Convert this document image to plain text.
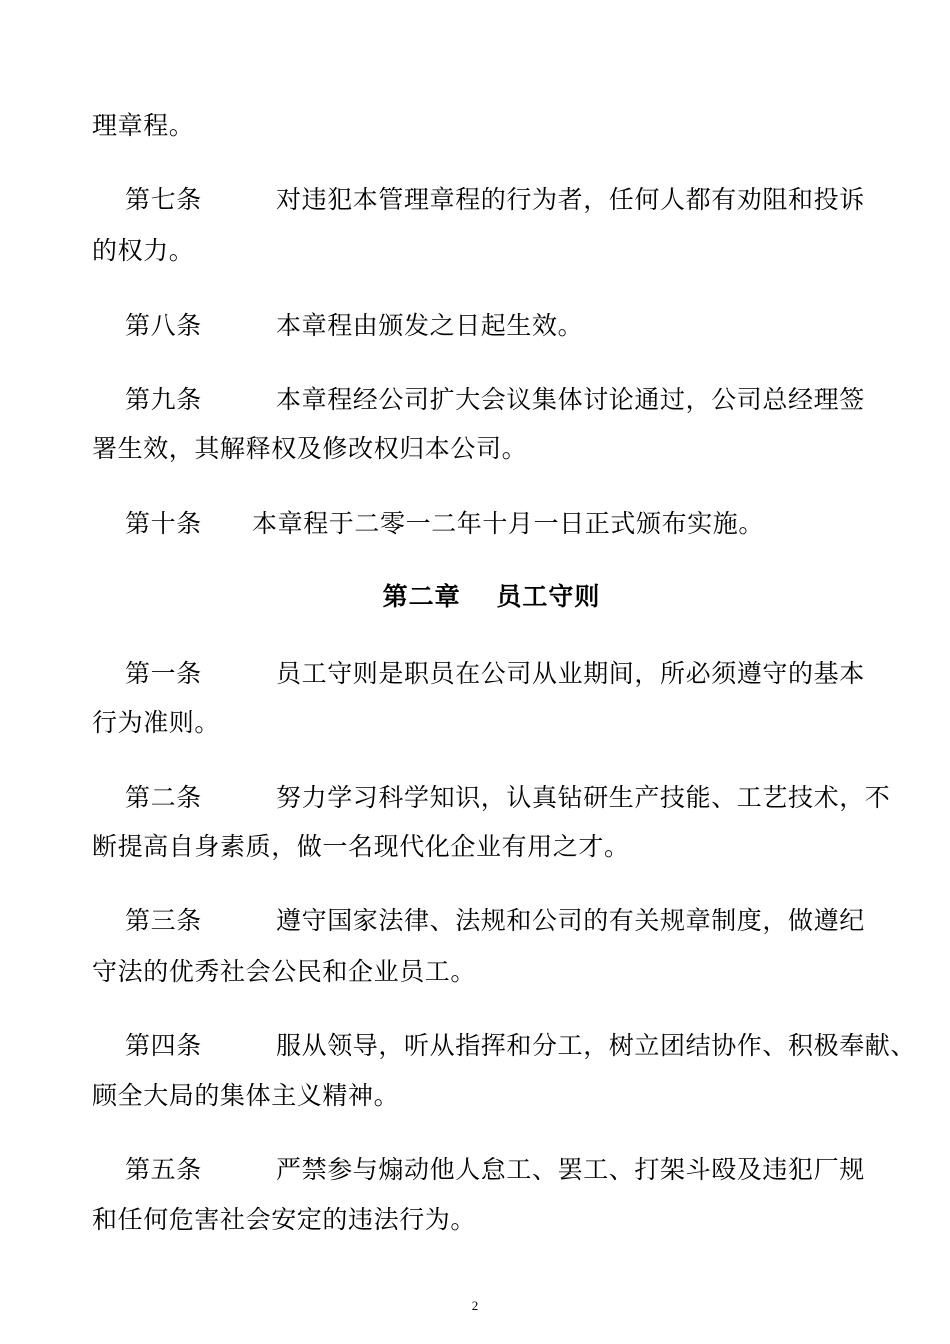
理章程。
第七条	对违犯本管理章程的行为者，任何人都有劝阻和投诉
的权力。
第八条	本章程由颁发之日起生效。
第九条	本章程经公司扩大会议集体讨论通过，公司总经理签
署生效，其解释权及修改权归本公司。
第十条 本章程于二零一二年十月一日正式颁布实施。
第二章　 员工守则
第一条	员工守则是职员在公司从业期间，所必须遵守的基本
行为准则。
第二条	努力学习科学知识，认真钻研生产技能、工艺技术，不
断提高自身素质，做一名现代化企业有用之才。
第三条	遵守国家法律、法规和公司的有关规章制度，做遵纪
守法的优秀社会公民和企业员工。
第四条	服从领导，听从指挥和分工，树立团结协作、积极奉献、
顾全大局的集体主义精神。
第五条	严禁参与煽动他人怠工、罢工、打架斗殴及违犯厂规
和任何危害社会安定的违法行为。
2
